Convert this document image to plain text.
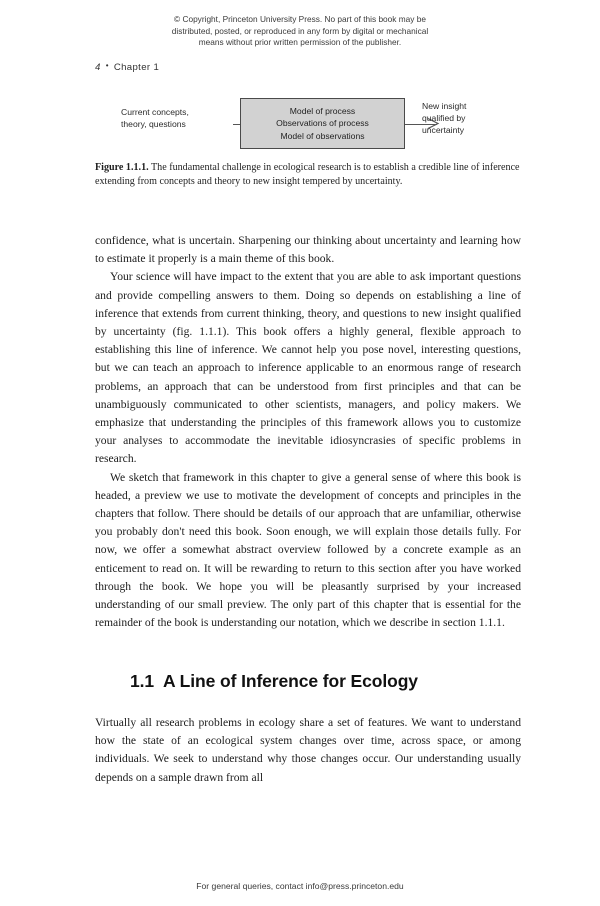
© Copyright, Princeton University Press. No part of this book may be
distributed, posted, or reproduced in any form by digital or mechanical
means without prior written permission of the publisher.
4 • Chapter 1
Current concepts,
theory, questions
Model of process
Observations of process
Model of observations
New insight
qualified by
uncertainty
Figure 1.1.1. The fundamental challenge in ecological research is to establish a credible line of inference extending from concepts and theory to new insight tempered by uncertainty.

confidence, what is uncertain. Sharpening our thinking about uncertainty and learning how to estimate it properly is a main theme of this book.

Your science will have impact to the extent that you are able to ask important questions and provide compelling answers to them. Doing so depends on establishing a line of inference that extends from current thinking, theory, and questions to new insight qualified by uncertainty (fig. 1.1.1). This book offers a highly general, flexible approach to establishing this line of inference. We cannot help you pose novel, interesting questions, but we can teach an approach to inference applicable to an enormous range of research problems, an approach that can be understood from first principles and that can be unambiguously communicated to other scientists, managers, and policy makers. We emphasize that understanding the principles of this framework allows you to customize your analyses to accommodate the inevitable idiosyncrasies of specific problems in research.

We sketch that framework in this chapter to give a general sense of where this book is headed, a preview we use to motivate the development of concepts and principles in the chapters that follow. There should be details of our approach that are unfamiliar, otherwise you probably don't need this book. Soon enough, we will explain those details fully. For now, we offer a somewhat abstract overview followed by a concrete example as an enticement to read on. It will be rewarding to return to this section after you have worked through the book. We hope you will be pleasantly surprised by your increased understanding of our small preview. The only part of this chapter that is essential for the remainder of the book is understanding our notation, which we describe in section 1.1.1.

1.1 A Line of Inference for Ecology

Virtually all research problems in ecology share a set of features. We want to understand how the state of an ecological system changes over time, across space, or among individuals. We seek to understand why those changes occur. Our understanding usually depends on a sample drawn from all

For general queries, contact info@press.princeton.edu
